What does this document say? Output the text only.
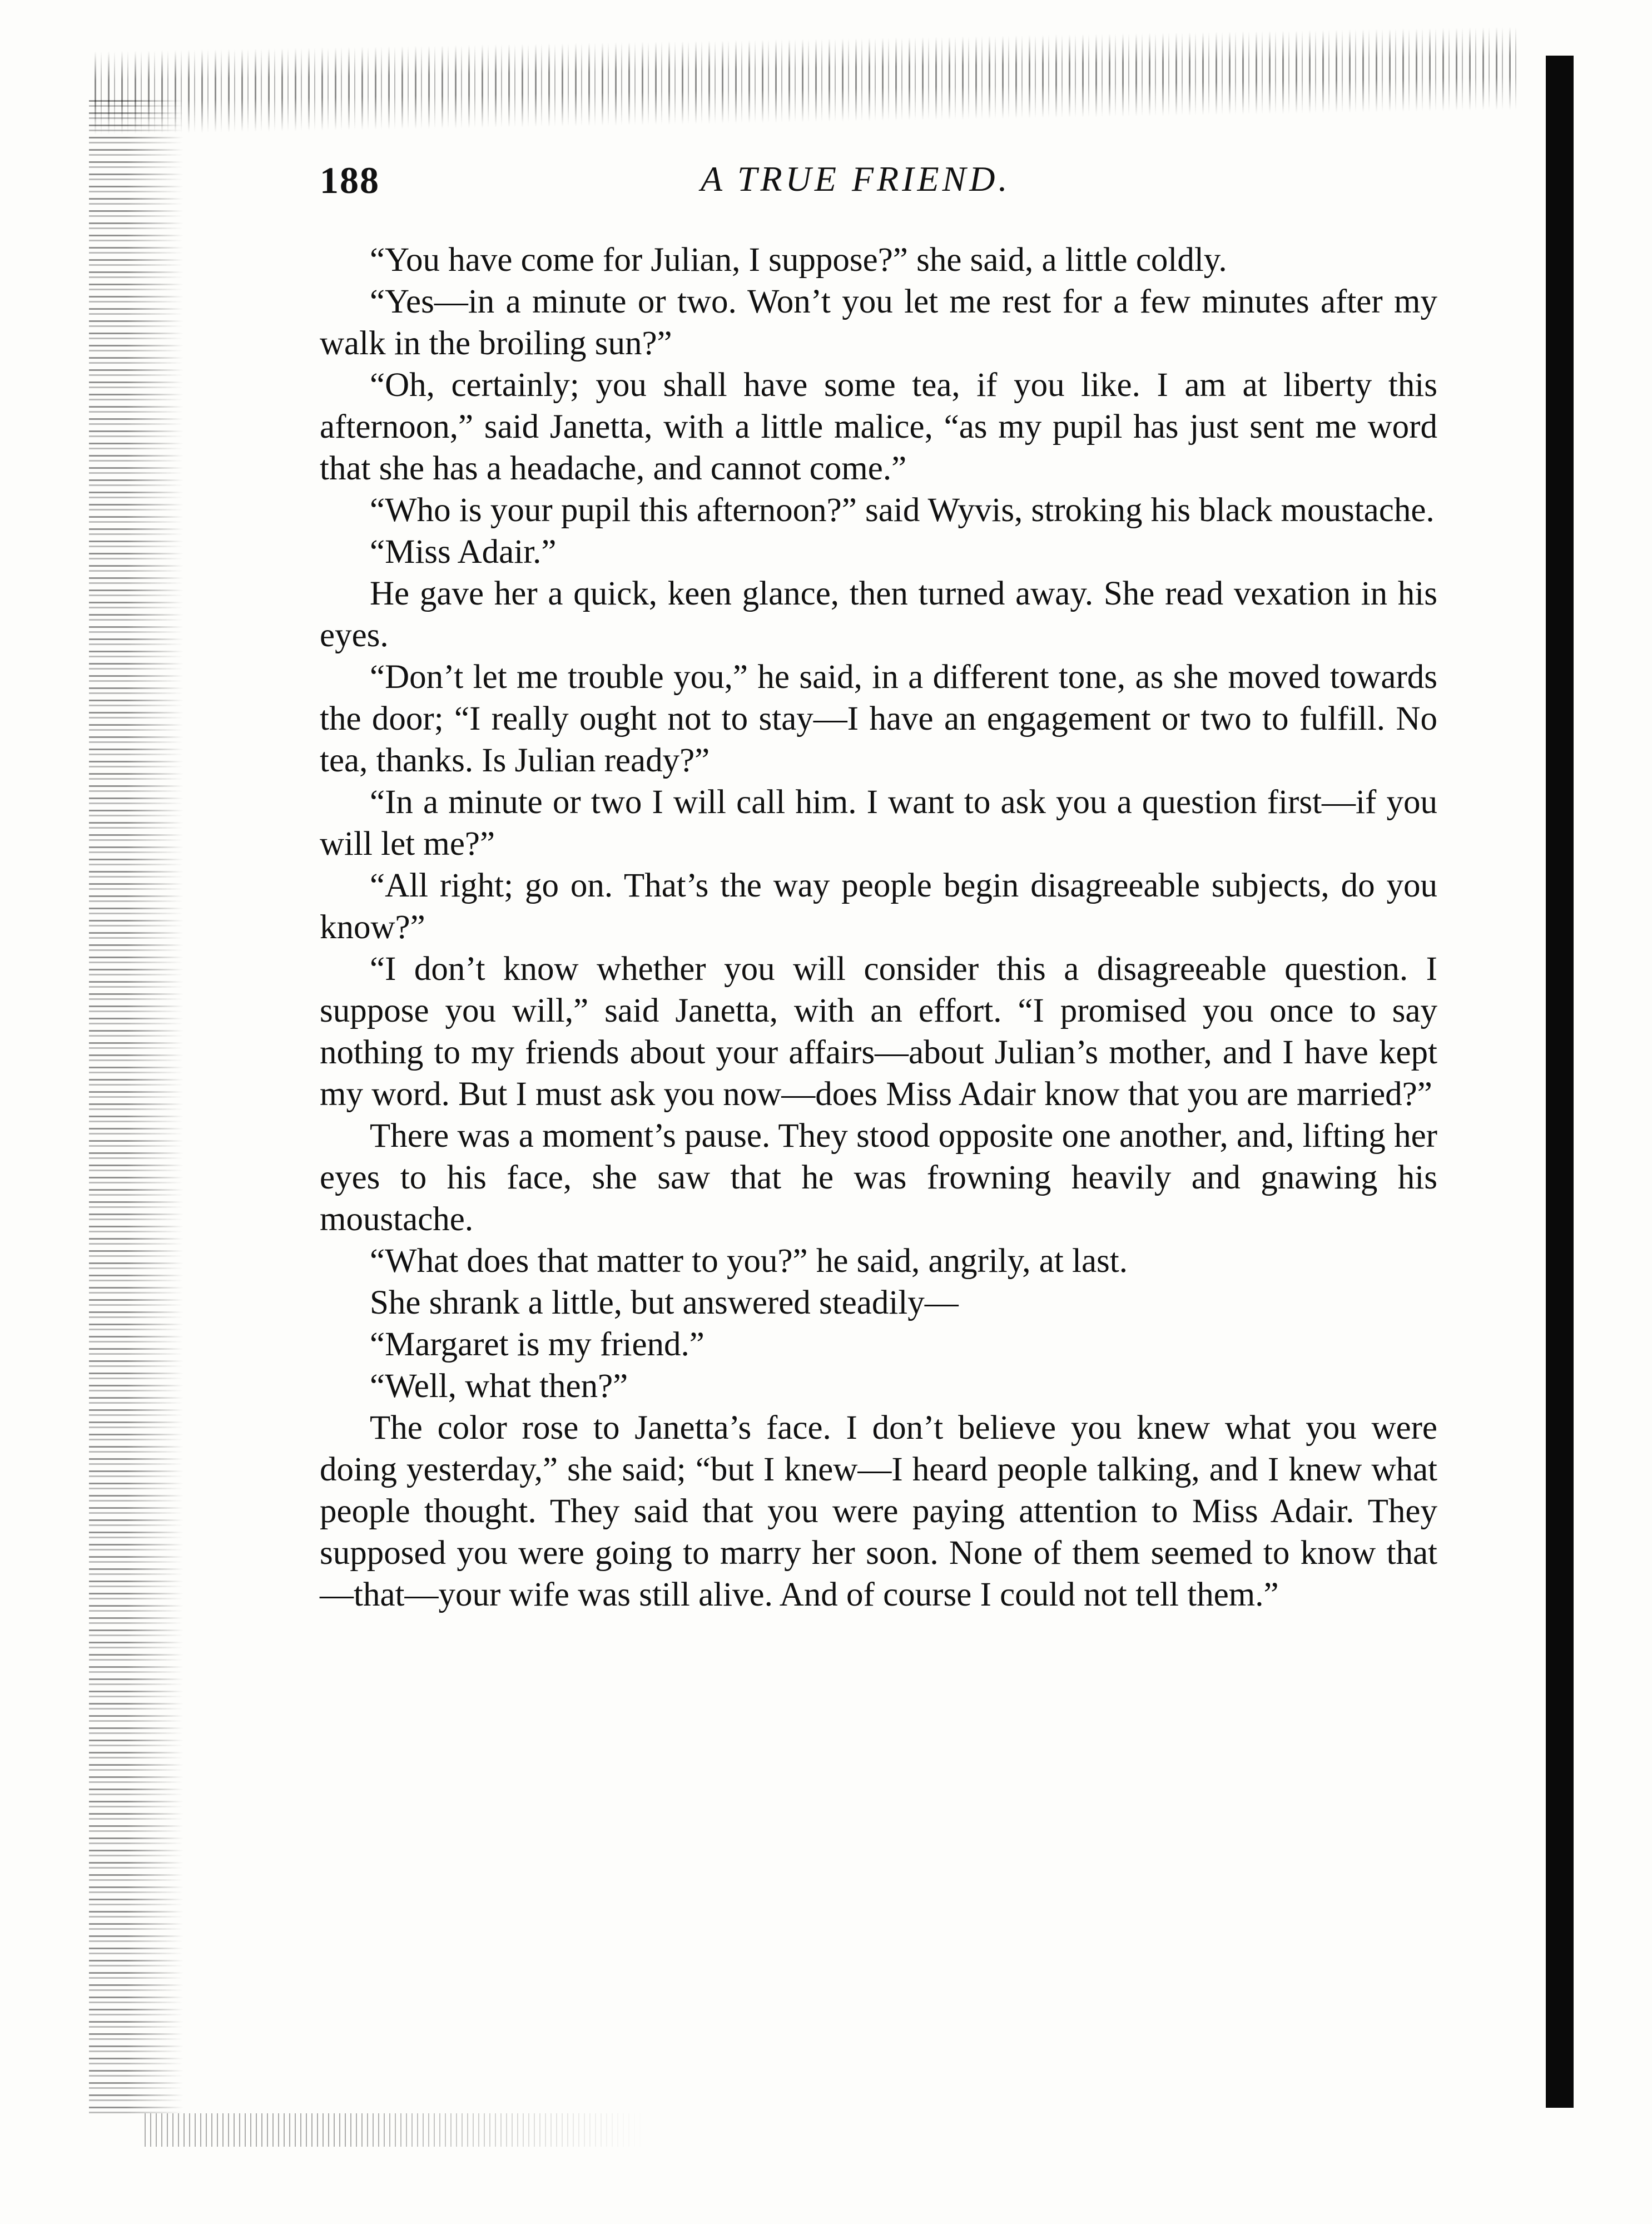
188	A TRUE FRIEND.

“You have come for Julian, I suppose?” she said, a little coldly.

“Yes—in a minute or two. Won’t you let me rest for a few minutes after my walk in the broiling sun?”

“Oh, certainly; you shall have some tea, if you like. I am at liberty this afternoon,” said Janetta, with a little malice, “as my pupil has just sent me word that she has a headache, and cannot come.”

“Who is your pupil this afternoon?” said Wyvis, stroking his black moustache.

“Miss Adair.”

He gave her a quick, keen glance, then turned away. She read vexation in his eyes.

“Don’t let me trouble you,” he said, in a different tone, as she moved towards the door; “I really ought not to stay—I have an engagement or two to fulfill. No tea, thanks. Is Julian ready?”

“In a minute or two I will call him. I want to ask you a question first—if you will let me?”

“All right; go on. That’s the way people begin disagreeable subjects, do you know?”

“I don’t know whether you will consider this a disagreeable question. I suppose you will,” said Janetta, with an effort. “I promised you once to say nothing to my friends about your affairs—about Julian’s mother, and I have kept my word. But I must ask you now—does Miss Adair know that you are married?”

There was a moment’s pause. They stood opposite one another, and, lifting her eyes to his face, she saw that he was frowning heavily and gnawing his moustache.

“What does that matter to you?” he said, angrily, at last.

She shrank a little, but answered steadily—

“Margaret is my friend.”

“Well, what then?”

The color rose to Janetta’s face. I don’t believe you knew what you were doing yesterday,” she said; “but I knew—I heard people talking, and I knew what people thought. They said that you were paying attention to Miss Adair. They supposed you were going to marry her soon. None of them seemed to know that—that—your wife was still alive. And of course I could not tell them.”
